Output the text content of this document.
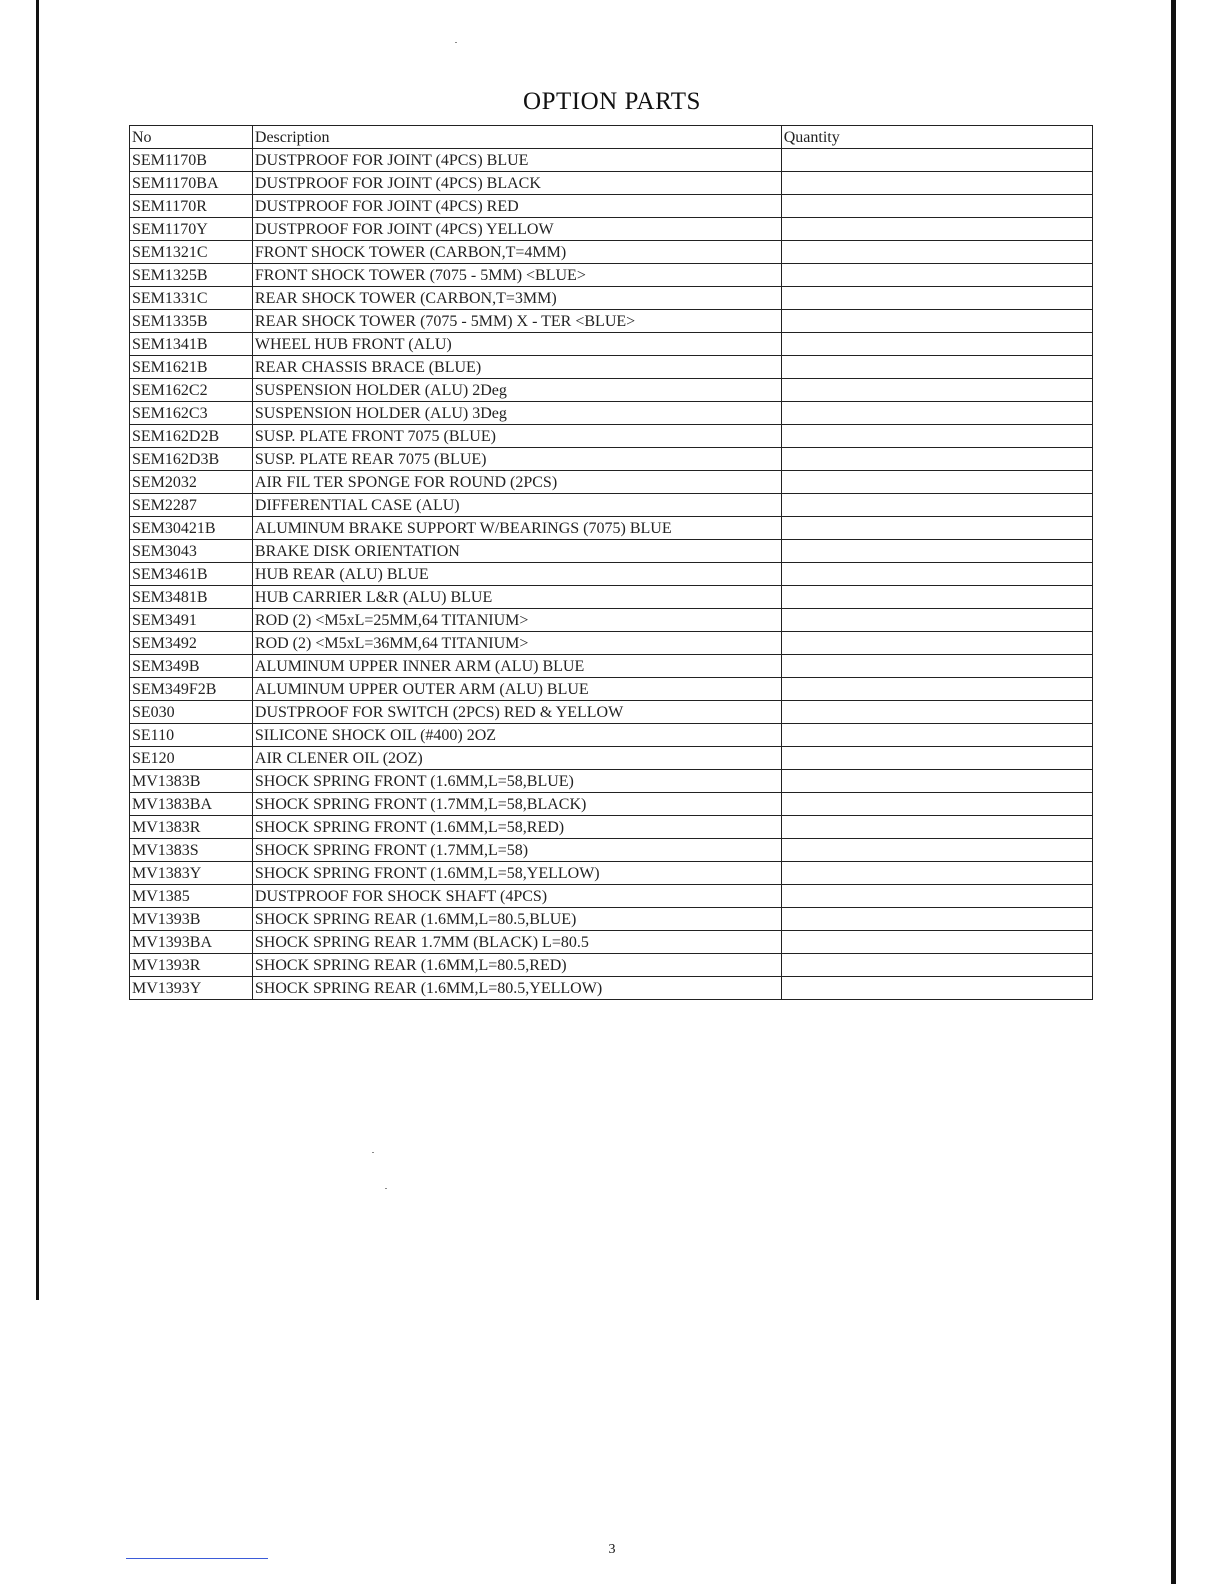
OPTION PARTS
No	Description	Quantity
SEM1170B	DUSTPROOF FOR JOINT (4PCS) BLUE	
SEM1170BA	DUSTPROOF FOR JOINT (4PCS) BLACK	
SEM1170R	DUSTPROOF FOR JOINT (4PCS) RED	
SEM1170Y	DUSTPROOF FOR JOINT (4PCS) YELLOW	
SEM1321C	FRONT SHOCK TOWER (CARBON,T=4MM)	
SEM1325B	FRONT SHOCK TOWER (7075 - 5MM) <BLUE>	
SEM1331C	REAR SHOCK TOWER (CARBON,T=3MM)	
SEM1335B	REAR SHOCK TOWER (7075 - 5MM) X - TER <BLUE>	
SEM1341B	WHEEL HUB FRONT (ALU)	
SEM1621B	REAR CHASSIS BRACE (BLUE)	
SEM162C2	SUSPENSION HOLDER (ALU) 2Deg	
SEM162C3	SUSPENSION HOLDER (ALU) 3Deg	
SEM162D2B	SUSP. PLATE FRONT 7075 (BLUE)	
SEM162D3B	SUSP. PLATE REAR 7075 (BLUE)	
SEM2032	AIR FIL TER SPONGE FOR ROUND (2PCS)	
SEM2287	DIFFERENTIAL CASE (ALU)	
SEM30421B	ALUMINUM BRAKE SUPPORT W/BEARINGS (7075) BLUE	
SEM3043	BRAKE DISK ORIENTATION	
SEM3461B	HUB REAR (ALU) BLUE	
SEM3481B	HUB CARRIER L&R (ALU) BLUE	
SEM3491	ROD (2) <M5xL=25MM,64 TITANIUM>	
SEM3492	ROD (2) <M5xL=36MM,64 TITANIUM>	
SEM349B	ALUMINUM UPPER INNER ARM (ALU) BLUE	
SEM349F2B	ALUMINUM UPPER OUTER ARM (ALU) BLUE	
SE030	DUSTPROOF FOR SWITCH (2PCS) RED & YELLOW	
SE110	SILICONE SHOCK OIL (#400) 2OZ	
SE120	AIR CLENER OIL (2OZ)	
MV1383B	SHOCK SPRING FRONT (1.6MM,L=58,BLUE)	
MV1383BA	SHOCK SPRING FRONT (1.7MM,L=58,BLACK)	
MV1383R	SHOCK SPRING FRONT (1.6MM,L=58,RED)	
MV1383S	SHOCK SPRING FRONT (1.7MM,L=58)	
MV1383Y	SHOCK SPRING FRONT (1.6MM,L=58,YELLOW)	
MV1385	DUSTPROOF FOR SHOCK SHAFT (4PCS)	
MV1393B	SHOCK SPRING REAR (1.6MM,L=80.5,BLUE)	
MV1393BA	SHOCK SPRING REAR 1.7MM (BLACK) L=80.5	
MV1393R	SHOCK SPRING REAR (1.6MM,L=80.5,RED)	
MV1393Y	SHOCK SPRING REAR (1.6MM,L=80.5,YELLOW)	
3
